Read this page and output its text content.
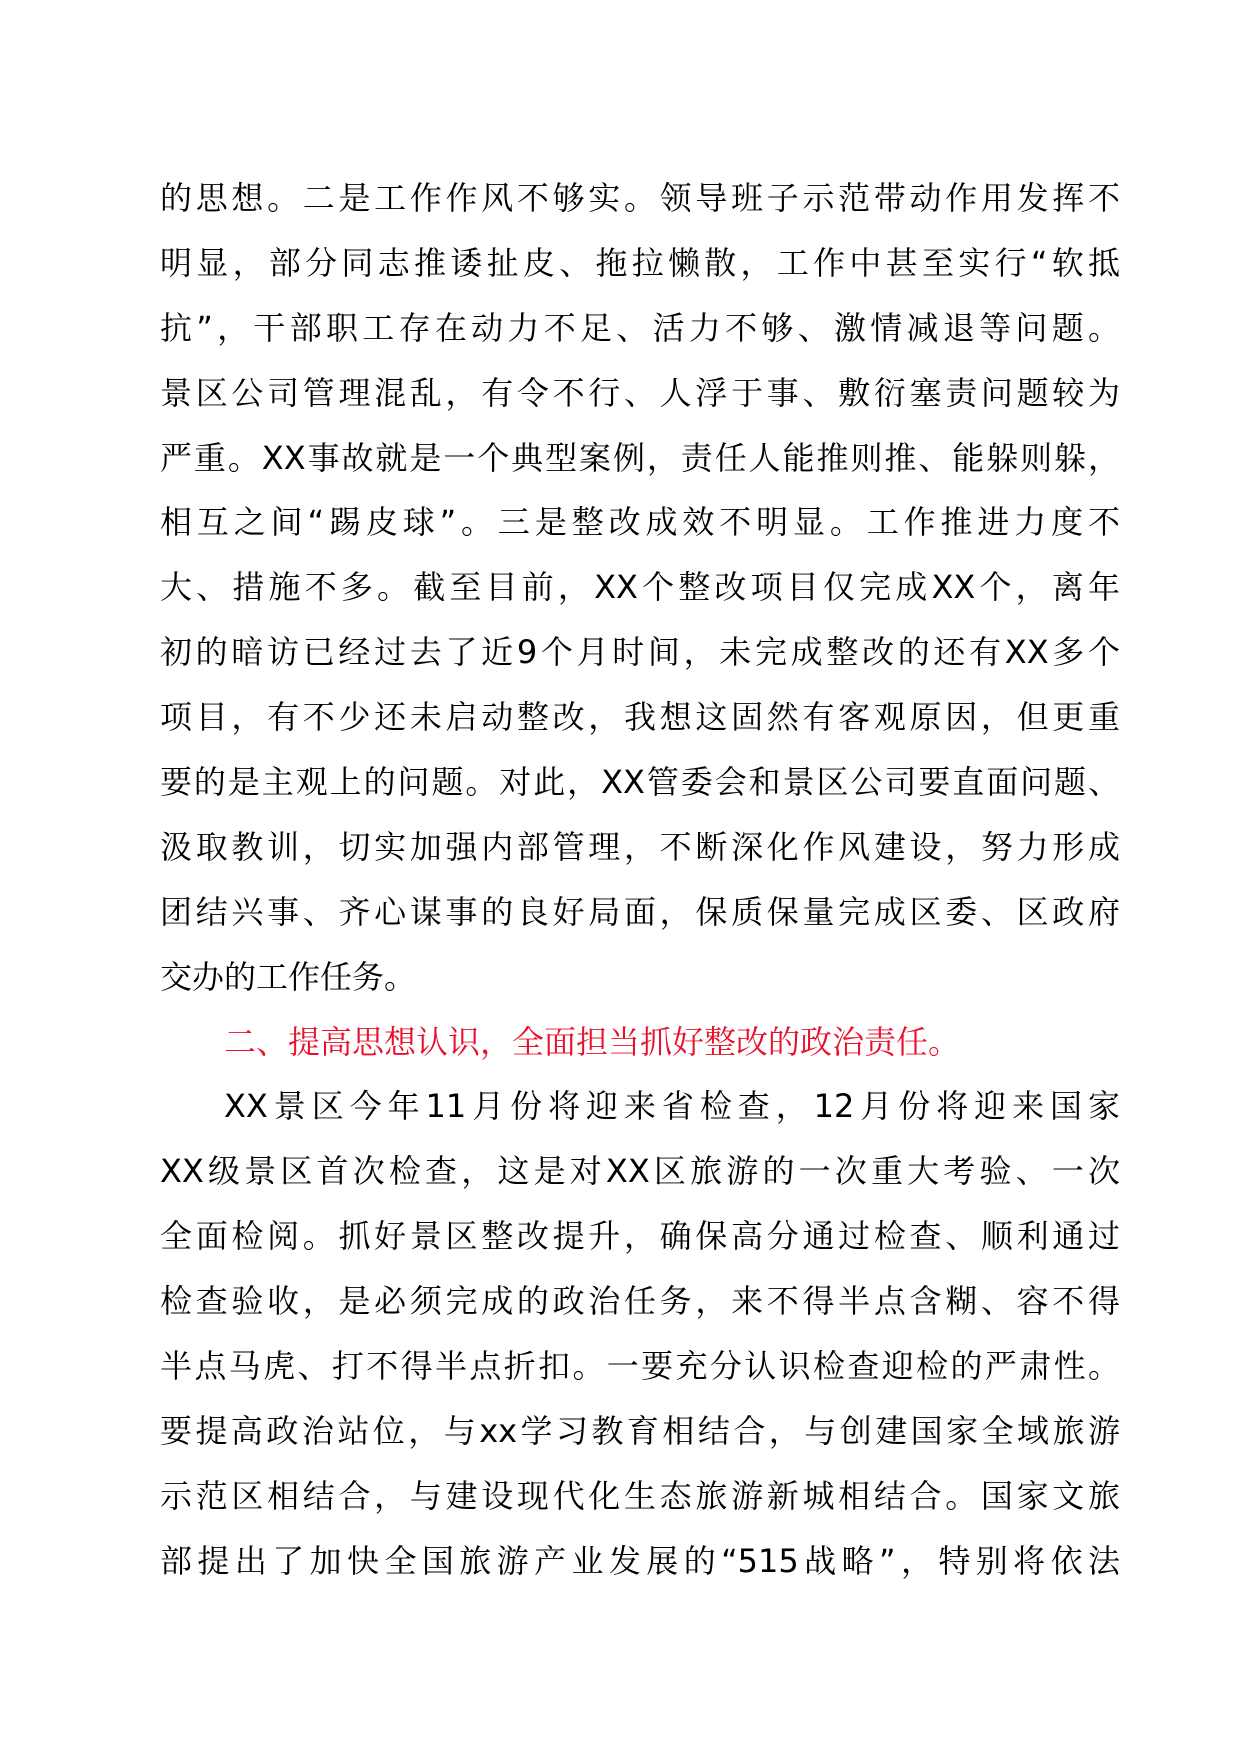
的思想。二是工作作风不够实。领导班子示范带动作用发挥不
明显，部分同志推诿扯皮、拖拉懒散，工作中甚至实行“软抵
抗”，干部职工存在动力不足、活力不够、激情减退等问题。
景区公司管理混乱，有令不行、人浮于事、敷衍塞责问题较为
严重。XX事故就是一个典型案例，责任人能推则推、能躲则躲，
相互之间“踢皮球”。三是整改成效不明显。工作推进力度不
大、措施不多。截至目前，XX个整改项目仅完成XX个，离年
初的暗访已经过去了近9个月时间，未完成整改的还有XX多个
项目，有不少还未启动整改，我想这固然有客观原因，但更重
要的是主观上的问题。对此，XX管委会和景区公司要直面问题、
汲取教训，切实加强内部管理，不断深化作风建设，努力形成
团结兴事、齐心谋事的良好局面，保质保量完成区委、区政府
交办的工作任务。
二、提高思想认识，全面担当抓好整改的政治责任。
XX景区今年11月份将迎来省检查，12月份将迎来国家
XX级景区首次检查，这是对XX区旅游的一次重大考验、一次
全面检阅。抓好景区整改提升，确保高分通过检查、顺利通过
检查验收，是必须完成的政治任务，来不得半点含糊、容不得
半点马虎、打不得半点折扣。一要充分认识检查迎检的严肃性。
要提高政治站位，与xx学习教育相结合，与创建国家全域旅游
示范区相结合，与建设现代化生态旅游新城相结合。国家文旅
部提出了加快全国旅游产业发展的“515战略”，特别将依法
